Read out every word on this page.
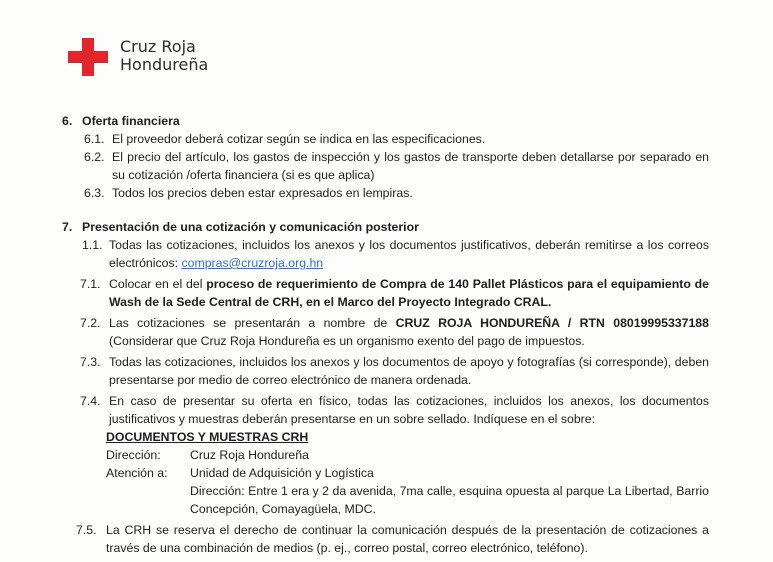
Cruz Roja
Hondureña
6. Oferta financiera
6.1. El proveedor deberá cotizar según se indica en las especificaciones.
6.2. El precio del artículo, los gastos de inspección y los gastos de transporte deben detallarse por separado en su cotización /oferta financiera (si es que aplica)
6.3. Todos los precios deben estar expresados en lempiras.
7. Presentación de una cotización y comunicación posterior
1.1. Todas las cotizaciones, incluidos los anexos y los documentos justificativos, deberán remitirse a los correos electrónicos: compras@cruzroja.org.hn
7.1. Colocar en el del proceso de requerimiento de Compra de 140 Pallet Plásticos para el equipamiento de Wash de la Sede Central de CRH, en el Marco del Proyecto Integrado CRAL.
7.2. Las cotizaciones se presentarán a nombre de CRUZ ROJA HONDUREÑA / RTN 08019995337188 (Considerar que Cruz Roja Hondureña es un organismo exento del pago de impuestos.
7.3. Todas las cotizaciones, incluidos los anexos y los documentos de apoyo y fotografías (si corresponde), deben presentarse por medio de correo electrónico de manera ordenada.
7.4. En caso de presentar su oferta en físico, todas las cotizaciones, incluidos los anexos, los documentos justificativos y muestras deberán presentarse en un sobre sellado. Indíquese en el sobre:
DOCUMENTOS Y MUESTRAS CRH
Dirección: Cruz Roja Hondureña
Atención a: Unidad de Adquisición y Logística
Dirección: Entre 1 era y 2 da avenida, 7ma calle, esquina opuesta al parque La Libertad, Barrio Concepción, Comayagüela, MDC.
7.5. La CRH se reserva el derecho de continuar la comunicación después de la presentación de cotizaciones a través de una combinación de medios (p. ej., correo postal, correo electrónico, teléfono).
